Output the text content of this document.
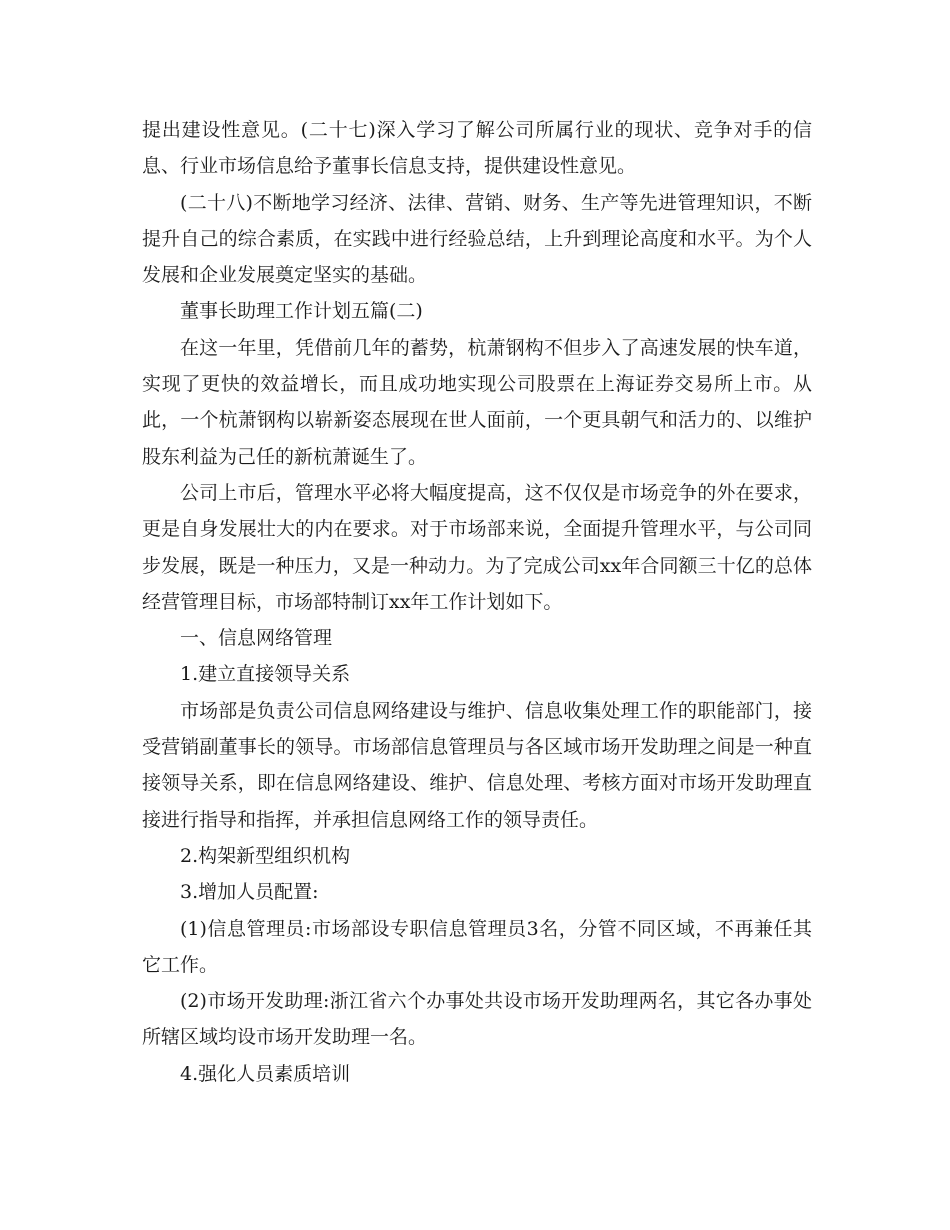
提出建设性意见。(二十七)深入学习了解公司所属行业的现状、竞争对手的信息、行业市场信息给予董事长信息支持，提供建设性意见。

(二十八)不断地学习经济、法律、营销、财务、生产等先进管理知识，不断提升自己的综合素质，在实践中进行经验总结，上升到理论高度和水平。为个人发展和企业发展奠定坚实的基础。

董事长助理工作计划五篇(二)

在这一年里，凭借前几年的蓄势，杭萧钢构不但步入了高速发展的快车道，实现了更快的效益增长，而且成功地实现公司股票在上海证券交易所上市。从此，一个杭萧钢构以崭新姿态展现在世人面前，一个更具朝气和活力的、以维护股东利益为己任的新杭萧诞生了。

公司上市后，管理水平必将大幅度提高，这不仅仅是市场竞争的外在要求，更是自身发展壮大的内在要求。对于市场部来说，全面提升管理水平，与公司同步发展，既是一种压力，又是一种动力。为了完成公司xx年合同额三十亿的总体经营管理目标，市场部特制订xx年工作计划如下。

一、信息网络管理

1.建立直接领导关系

市场部是负责公司信息网络建设与维护、信息收集处理工作的职能部门，接受营销副董事长的领导。市场部信息管理员与各区域市场开发助理之间是一种直接领导关系，即在信息网络建设、维护、信息处理、考核方面对市场开发助理直接进行指导和指挥，并承担信息网络工作的领导责任。

2.构架新型组织机构

3.增加人员配置:

(1)信息管理员:市场部设专职信息管理员3名，分管不同区域，不再兼任其它工作。

(2)市场开发助理:浙江省六个办事处共设市场开发助理两名，其它各办事处所辖区域均设市场开发助理一名。

4.强化人员素质培训
